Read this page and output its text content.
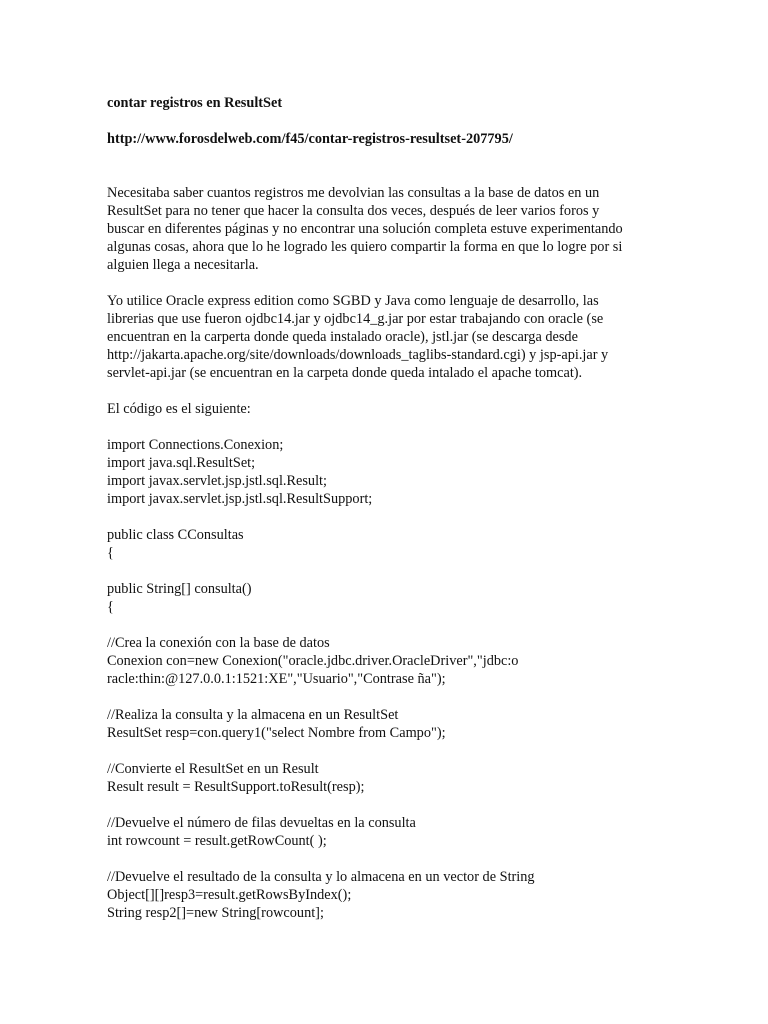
contar registros en ResultSet

http://www.forosdelweb.com/f45/contar-registros-resultset-207795/

Necesitaba saber cuantos registros me devolvian las consultas a la base de datos en un
ResultSet para no tener que hacer la consulta dos veces, después de leer varios foros y
buscar en diferentes páginas y no encontrar una solución completa estuve experimentando
algunas cosas, ahora que lo he logrado les quiero compartir la forma en que lo logre por si
alguien llega a necesitarla.
Yo utilice Oracle express edition como SGBD y Java como lenguaje de desarrollo, las
librerias que use fueron ojdbc14.jar y ojdbc14_g.jar por estar trabajando con oracle (se
encuentran en la carperta donde queda instalado oracle), jstl.jar (se descarga desde
http://jakarta.apache.org/site/downloads/downloads_taglibs-standard.cgi) y jsp-api.jar y
servlet-api.jar (se encuentran en la carpeta donde queda intalado el apache tomcat).
El código es el siguiente:
import Connections.Conexion;
import java.sql.ResultSet;
import javax.servlet.jsp.jstl.sql.Result;
import javax.servlet.jsp.jstl.sql.ResultSupport;
public class CConsultas
{
public String[] consulta()
{
//Crea la conexión con la base de datos
Conexion con=new Conexion("oracle.jdbc.driver.OracleDriver","jdbc:o
racle:thin:@127.0.0.1:1521:XE","Usuario","Contrase ña");
//Realiza la consulta y la almacena en un ResultSet
ResultSet resp=con.query1("select Nombre from Campo");
//Convierte el ResultSet en un Result
Result result = ResultSupport.toResult(resp);
//Devuelve el número de filas devueltas en la consulta
int rowcount = result.getRowCount( );
//Devuelve el resultado de la consulta y lo almacena en un vector de String
Object[][]resp3=result.getRowsByIndex();
String resp2[]=new String[rowcount];
